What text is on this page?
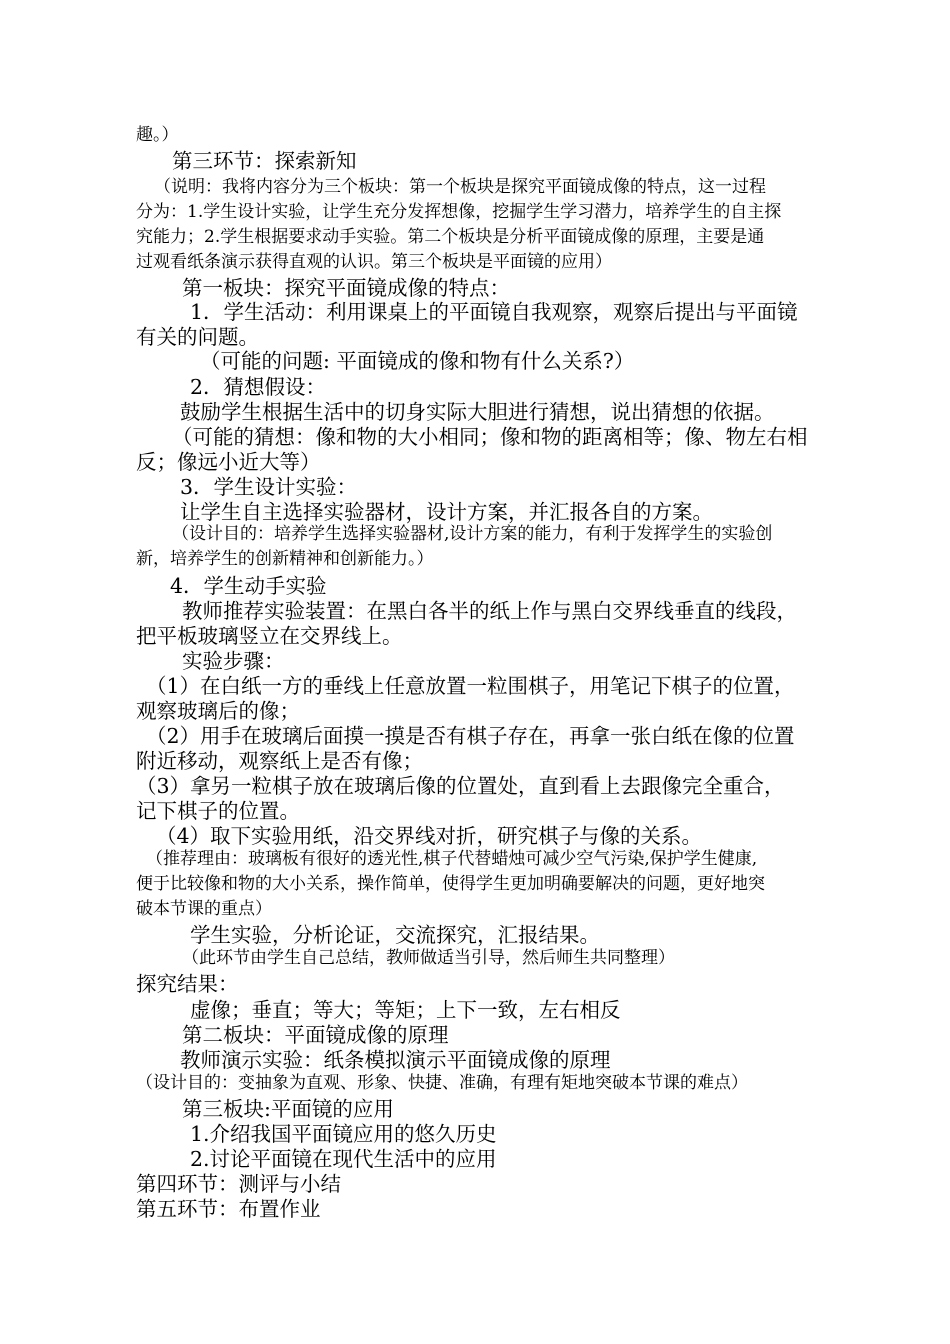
趣。）
第三环节：探索新知
（说明：我将内容分为三个板块：第一个板块是探究平面镜成像的特点，这一过程
分为：1.学生设计实验，让学生充分发挥想像，挖掘学生学习潜力，培养学生的自主探
究能力；2.学生根据要求动手实验。第二个板块是分析平面镜成像的原理，主要是通
过观看纸条演示获得直观的认识。第三个板块是平面镜的应用）
第一板块：探究平面镜成像的特点：
1．学生活动：利用课桌上的平面镜自我观察，观察后提出与平面镜
有关的问题。
（可能的问题: 平面镜成的像和物有什么关系?）
2．猜想假设：
鼓励学生根据生活中的切身实际大胆进行猜想，说出猜想的依据。
（可能的猜想：像和物的大小相同；像和物的距离相等；像、物左右相
反；像远小近大等）
3．学生设计实验：
让学生自主选择实验器材，设计方案，并汇报各自的方案。
（设计目的：培养学生选择实验器材,设计方案的能力，有利于发挥学生的实验创
新，培养学生的创新精神和创新能力。）
4．学生动手实验
教师推荐实验装置：在黑白各半的纸上作与黑白交界线垂直的线段，
把平板玻璃竖立在交界线上。
实验步骤：
（1）在白纸一方的垂线上任意放置一粒围棋子，用笔记下棋子的位置，
观察玻璃后的像；
（2）用手在玻璃后面摸一摸是否有棋子存在，再拿一张白纸在像的位置
附近移动，观察纸上是否有像；
（3）拿另一粒棋子放在玻璃后像的位置处，直到看上去跟像完全重合，
记下棋子的位置。
（4）取下实验用纸，沿交界线对折，研究棋子与像的关系。
（推荐理由：玻璃板有很好的透光性,棋子代替蜡烛可减少空气污染,保护学生健康,
便于比较像和物的大小关系，操作简单，使得学生更加明确要解决的问题，更好地突
破本节课的重点）
学生实验，分析论证，交流探究，汇报结果。
（此环节由学生自己总结，教师做适当引导，然后师生共同整理）
探究结果：
虚像；垂直；等大；等矩；上下一致，左右相反
第二板块：平面镜成像的原理
教师演示实验：纸条模拟演示平面镜成像的原理
（设计目的：变抽象为直观、形象、快捷、准确，有理有矩地突破本节课的难点）
第三板块:平面镜的应用
1.介绍我国平面镜应用的悠久历史
2.讨论平面镜在现代生活中的应用
第四环节：测评与小结
第五环节：布置作业
